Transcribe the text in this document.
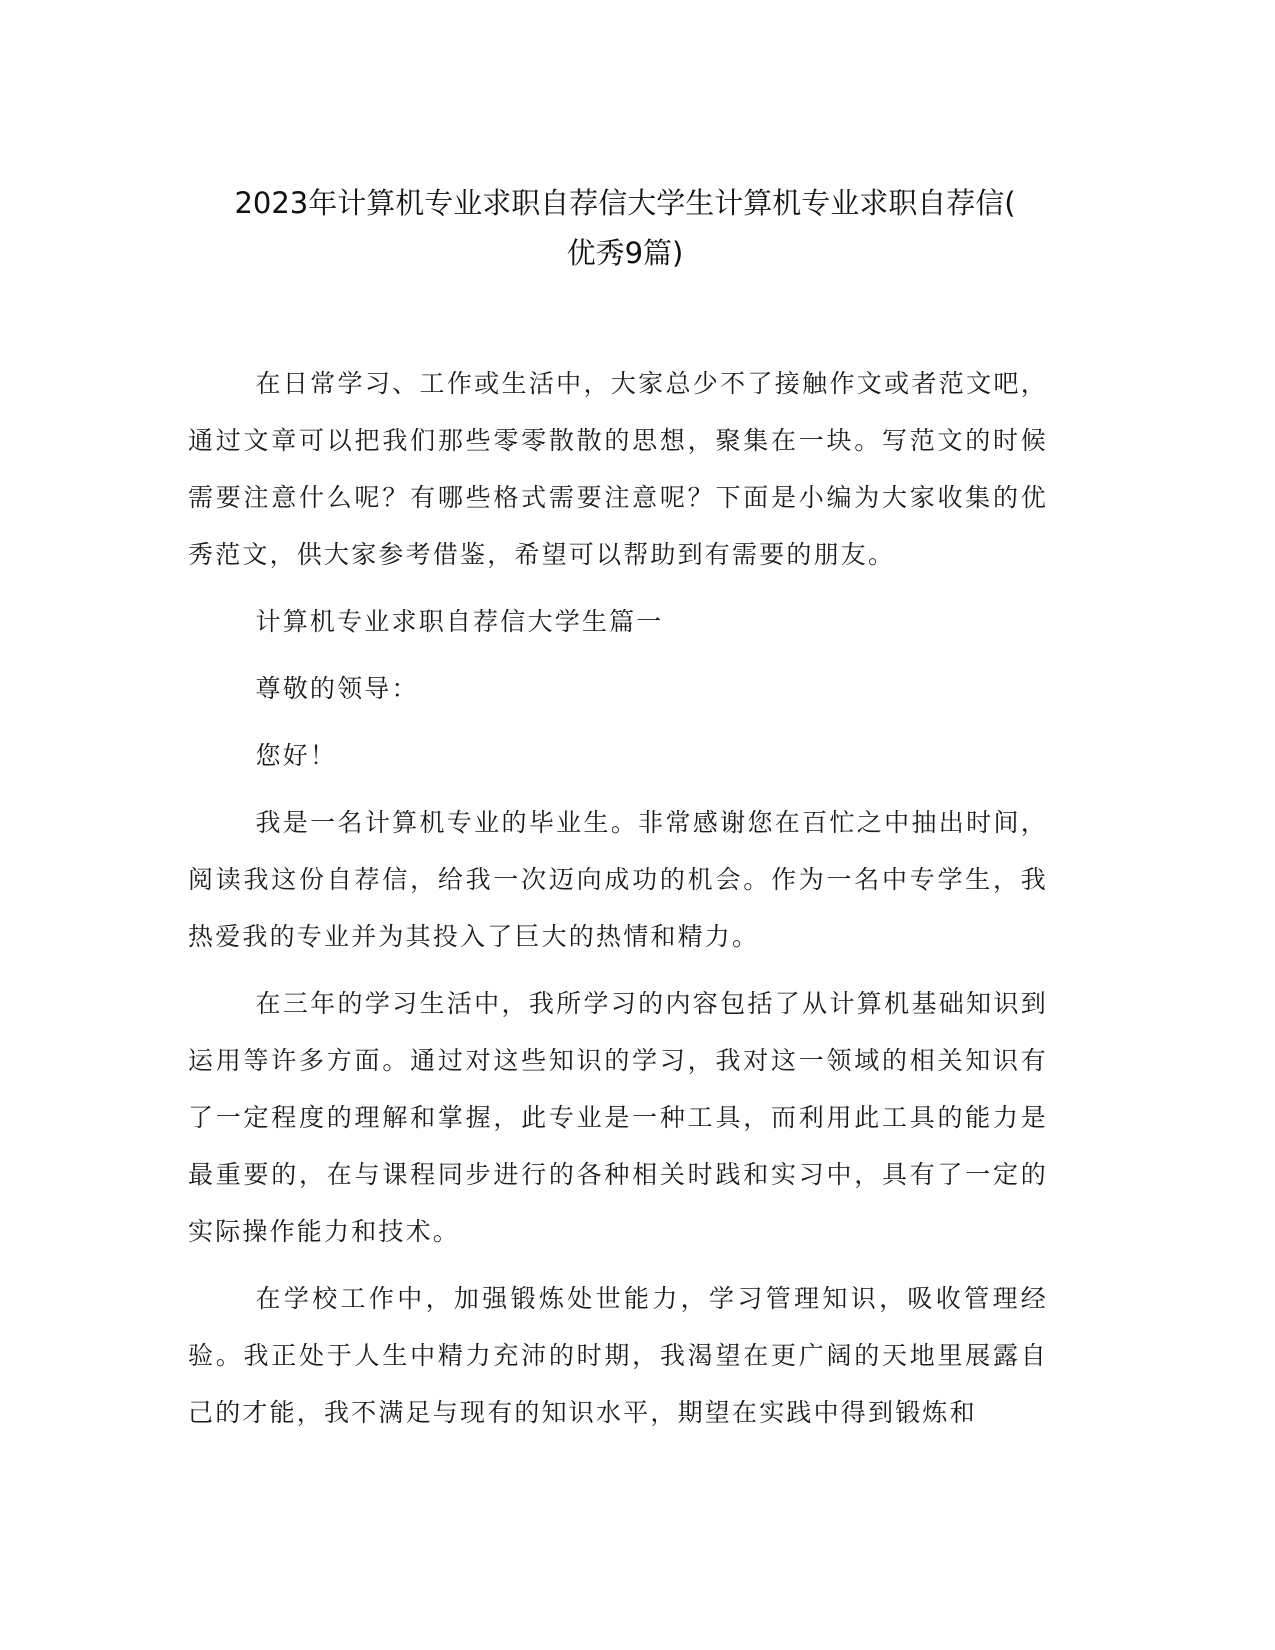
2023年计算机专业求职自荐信大学生计算机专业求职自荐信(
优秀9篇)

在日常学习、工作或生活中，大家总少不了接触作文或者范文吧，通过文章可以把我们那些零零散散的思想，聚集在一块。写范文的时候需要注意什么呢？有哪些格式需要注意呢？下面是小编为大家收集的优秀范文，供大家参考借鉴，希望可以帮助到有需要的朋友。

计算机专业求职自荐信大学生篇一

尊敬的领导：

您好！

我是一名计算机专业的毕业生。非常感谢您在百忙之中抽出时间，阅读我这份自荐信，给我一次迈向成功的机会。作为一名中专学生，我热爱我的专业并为其投入了巨大的热情和精力。

在三年的学习生活中，我所学习的内容包括了从计算机基础知识到运用等许多方面。通过对这些知识的学习，我对这一领域的相关知识有了一定程度的理解和掌握，此专业是一种工具，而利用此工具的能力是最重要的，在与课程同步进行的各种相关时践和实习中，具有了一定的实际操作能力和技术。

在学校工作中，加强锻炼处世能力，学习管理知识，吸收管理经验。我正处于人生中精力充沛的时期，我渴望在更广阔的天地里展露自己的才能，我不满足与现有的知识水平，期望在实践中得到锻炼和
